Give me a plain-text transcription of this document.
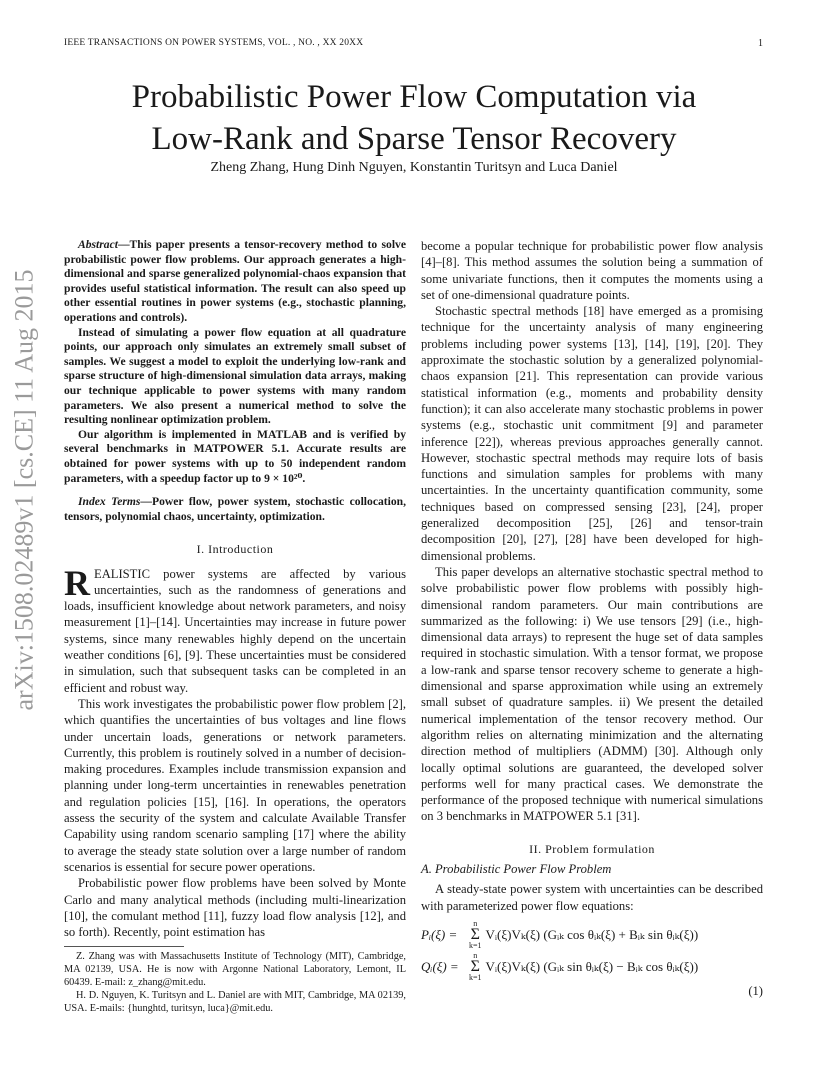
IEEE TRANSACTIONS ON POWER SYSTEMS, VOL. , NO. , XX 20XX	1
Probabilistic Power Flow Computation via
Low-Rank and Sparse Tensor Recovery
Zheng Zhang, Hung Dinh Nguyen, Konstantin Turitsyn and Luca Daniel
arXiv:1508.02489v1 [cs.CE] 11 Aug 2015

Abstract—This paper presents a tensor-recovery method to solve probabilistic power flow problems. Our approach generates a high-dimensional and sparse generalized polynomial-chaos expansion that provides useful statistical information. The result can also speed up other essential routines in power systems (e.g., stochastic planning, operations and controls).

Instead of simulating a power flow equation at all quadrature points, our approach only simulates an extremely small subset of samples. We suggest a model to exploit the underlying low-rank and sparse structure of high-dimensional simulation data arrays, making our technique applicable to power systems with many random parameters. We also present a numerical method to solve the resulting nonlinear optimization problem.

Our algorithm is implemented in MATLAB and is verified by several benchmarks in MATPOWER 5.1. Accurate results are obtained for power systems with up to 50 independent random parameters, with a speedup factor up to 9 × 10²⁰.

Index Terms—Power flow, power system, stochastic collocation, tensors, polynomial chaos, uncertainty, optimization.

I. Introduction

REALISTIC power systems are affected by various uncertainties, such as the randomness of generations and loads, insufficient knowledge about network parameters, and noisy measurement [1]–[14]. Uncertainties may increase in future power systems, since many renewables highly depend on the uncertain weather conditions [6], [9]. These uncertainties must be considered in simulation, such that subsequent tasks can be completed in an efficient and robust way.

This work investigates the probabilistic power flow problem [2], which quantifies the uncertainties of bus voltages and line flows under uncertain loads, generations or network parameters. Currently, this problem is routinely solved in a number of decision-making procedures. Examples include transmission expansion and planning under long-term uncertainties in renewables penetration and regulation policies [15], [16]. In operations, the operators assess the security of the system and calculate Available Transfer Capability using random scenario sampling [17] where the ability to average the steady state solution over a large number of random scenarios is essential for secure power operations.

Probabilistic power flow problems have been solved by Monte Carlo and many analytical methods (including multi-linearization [10], the comulant method [11], fuzzy load flow analysis [12], and so forth). Recently, point estimation has

Z. Zhang was with Massachusetts Institute of Technology (MIT), Cambridge, MA 02139, USA. He is now with Argonne National Laboratory, Lemont, IL 60439. E-mail: z_zhang@mit.edu.

H. D. Nguyen, K. Turitsyn and L. Daniel are with MIT, Cambridge, MA 02139, USA. E-mails: {hunghtd, turitsyn, luca}@mit.edu.

become a popular technique for probabilistic power flow analysis [4]–[8]. This method assumes the solution being a summation of some univariate functions, then it computes the moments using a set of one-dimensional quadrature points.

Stochastic spectral methods [18] have emerged as a promising technique for the uncertainty analysis of many engineering problems including power systems [13], [14], [19], [20]. They approximate the stochastic solution by a generalized polynomial-chaos expansion [21]. This representation can provide various statistical information (e.g., moments and probability density function); it can also accelerate many stochastic problems in power systems (e.g., stochastic unit commitment [9] and parameter inference [22]), whereas previous approaches generally cannot. However, stochastic spectral methods may require lots of basis functions and simulation samples for problems with many uncertainties. In the uncertainty quantification community, some techniques based on compressed sensing [23], [24], proper generalized decomposition [25], [26] and tensor-train decomposition [20], [27], [28] have been developed for high-dimensional problems.

This paper develops an alternative stochastic spectral method to solve probabilistic power flow problems with possibly high-dimensional random parameters. Our main contributions are summarized as the following: i) We use tensors [29] (i.e., high-dimensional data arrays) to represent the huge set of data samples required in stochastic simulation. With a tensor format, we propose a low-rank and sparse tensor recovery scheme to generate a high-dimensional and sparse approximation while using an extremely small subset of quadrature samples. ii) We present the detailed numerical implementation of the tensor recovery method. Our algorithm relies on alternating minimization and the alternating direction method of multipliers (ADMM) [30]. Although only locally optimal solutions are guaranteed, the developed solver performs well for many practical cases. We demonstrate the performance of the proposed technique with numerical simulations on 3 benchmarks in MATPOWER 5.1 [31].

II. Problem formulation
A. Probabilistic Power Flow Problem

A steady-state power system with uncertainties can be described with parameterized power flow equations:

Pᵢ(ξ) =
n
Σ
k=1
Vᵢ(ξ)Vₖ(ξ) (Gᵢₖ cos θᵢₖ(ξ) + Bᵢₖ sin θᵢₖ(ξ))
Qᵢ(ξ) =
n
Σ
k=1
Vᵢ(ξ)Vₖ(ξ) (Gᵢₖ sin θᵢₖ(ξ) − Bᵢₖ cos θᵢₖ(ξ))
(1)
